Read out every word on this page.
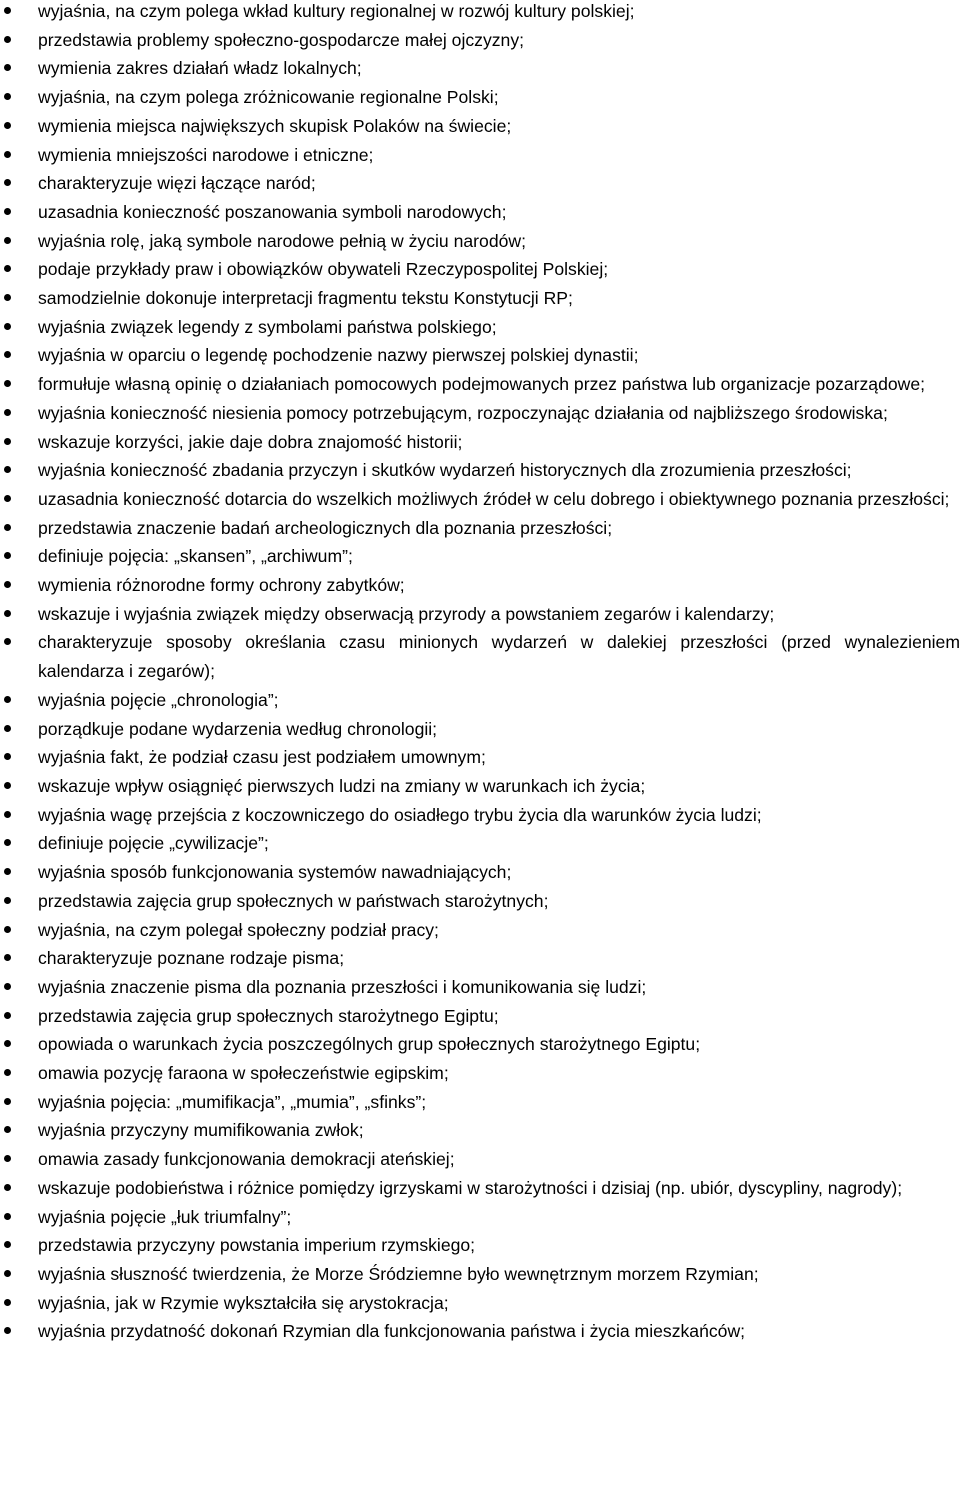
wyjaśnia, na czym polega wkład kultury regionalnej w rozwój kultury polskiej;
przedstawia problemy społeczno-gospodarcze małej ojczyzny;
wymienia zakres działań władz lokalnych;
wyjaśnia, na czym polega zróżnicowanie regionalne Polski;
wymienia miejsca największych skupisk Polaków na świecie;
wymienia mniejszości narodowe i etniczne;
charakteryzuje więzi łączące naród;
uzasadnia konieczność poszanowania symboli narodowych;
wyjaśnia rolę, jaką symbole narodowe pełnią w życiu narodów;
podaje przykłady praw i obowiązków obywateli Rzeczypospolitej Polskiej;
samodzielnie dokonuje interpretacji fragmentu tekstu Konstytucji RP;
wyjaśnia związek legendy z symbolami państwa polskiego;
wyjaśnia w oparciu o legendę pochodzenie nazwy pierwszej polskiej dynastii;
formułuje własną opinię o działaniach pomocowych podejmowanych przez państwa lub organizacje pozarządowe;
wyjaśnia konieczność niesienia pomocy potrzebującym, rozpoczynając działania od najbliższego środowiska;
wskazuje korzyści, jakie daje dobra znajomość historii;
wyjaśnia konieczność zbadania przyczyn i skutków wydarzeń historycznych dla zrozumienia przeszłości;
uzasadnia konieczność dotarcia do wszelkich możliwych źródeł w celu dobrego i obiektywnego poznania przeszłości;
przedstawia znaczenie badań archeologicznych dla poznania przeszłości;
definiuje pojęcia: „skansen”, „archiwum”;
wymienia różnorodne formy ochrony zabytków;
wskazuje i wyjaśnia związek między obserwacją przyrody a powstaniem zegarów i kalendarzy;
charakteryzuje sposoby określania czasu minionych wydarzeń w dalekiej przeszłości (przed wynalezieniem kalendarza i zegarów);
wyjaśnia pojęcie „chronologia”;
porządkuje podane wydarzenia według chronologii;
wyjaśnia fakt, że podział czasu jest podziałem umownym;
wskazuje wpływ osiągnięć pierwszych ludzi na zmiany w warunkach ich życia;
wyjaśnia wagę przejścia z koczowniczego do osiadłego trybu życia dla warunków życia ludzi;
definiuje pojęcie „cywilizacje”;
wyjaśnia sposób funkcjonowania systemów nawadniających;
przedstawia zajęcia grup społecznych w państwach starożytnych;
wyjaśnia, na czym polegał społeczny podział pracy;
charakteryzuje poznane rodzaje pisma;
wyjaśnia znaczenie pisma dla poznania przeszłości i komunikowania się ludzi;
przedstawia zajęcia grup społecznych starożytnego Egiptu;
opowiada o warunkach życia poszczególnych grup społecznych starożytnego Egiptu;
omawia pozycję faraona w społeczeństwie egipskim;
wyjaśnia pojęcia: „mumifikacja”, „mumia”, „sfinks”;
wyjaśnia przyczyny mumifikowania zwłok;
omawia zasady funkcjonowania demokracji ateńskiej;
wskazuje podobieństwa i różnice pomiędzy igrzyskami w starożytności i dzisiaj (np. ubiór, dyscypliny, nagrody);
wyjaśnia pojęcie „łuk triumfalny”;
przedstawia przyczyny powstania imperium rzymskiego;
wyjaśnia słuszność twierdzenia, że Morze Śródziemne było wewnętrznym morzem Rzymian;
wyjaśnia, jak w Rzymie wykształciła się arystokracja;
wyjaśnia przydatność dokonań Rzymian dla funkcjonowania państwa i życia mieszkańców;
